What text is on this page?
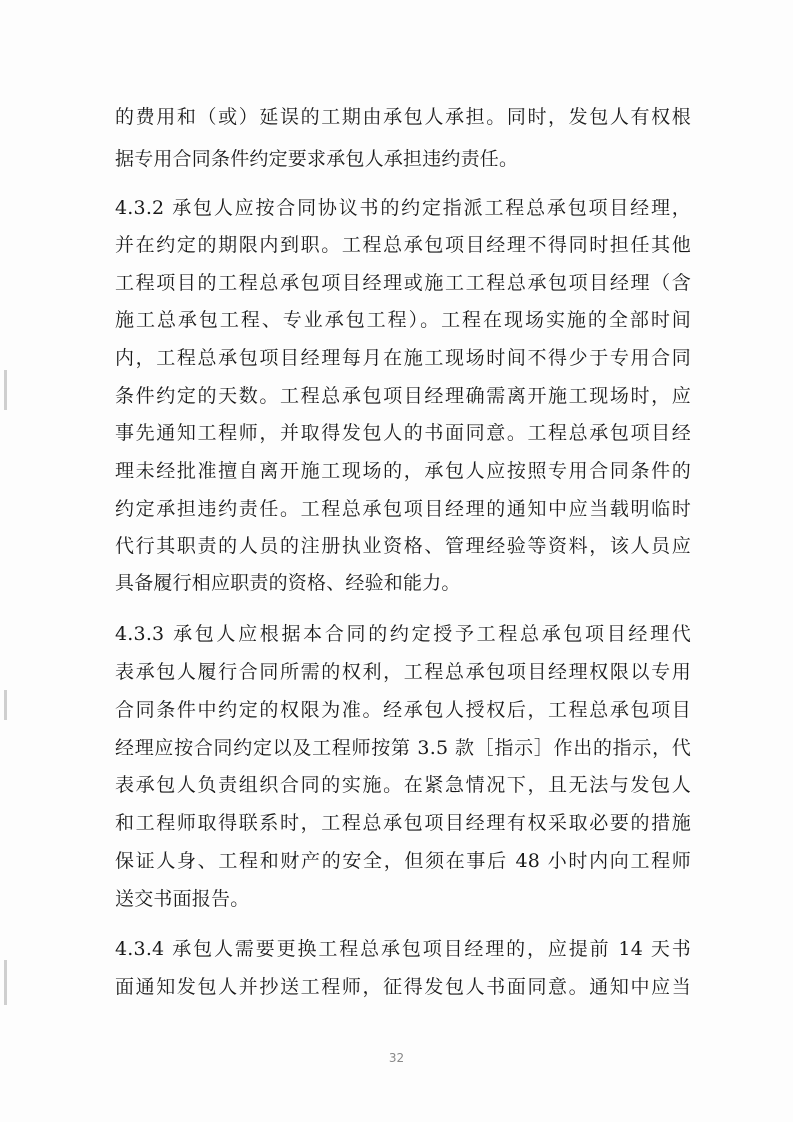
的费用和（或）延误的工期由承包人承担。同时，发包人有权根
据专用合同条件约定要求承包人承担违约责任。
4.3.2 承包人应按合同协议书的约定指派工程总承包项目经理，
并在约定的期限内到职。工程总承包项目经理不得同时担任其他
工程项目的工程总承包项目经理或施工工程总承包项目经理（含
施工总承包工程、专业承包工程）。工程在现场实施的全部时间
内，工程总承包项目经理每月在施工现场时间不得少于专用合同
条件约定的天数。工程总承包项目经理确需离开施工现场时，应
事先通知工程师，并取得发包人的书面同意。工程总承包项目经
理未经批准擅自离开施工现场的，承包人应按照专用合同条件的
约定承担违约责任。工程总承包项目经理的通知中应当载明临时
代行其职责的人员的注册执业资格、管理经验等资料，该人员应
具备履行相应职责的资格、经验和能力。
4.3.3 承包人应根据本合同的约定授予工程总承包项目经理代
表承包人履行合同所需的权利，工程总承包项目经理权限以专用
合同条件中约定的权限为准。经承包人授权后，工程总承包项目
经理应按合同约定以及工程师按第 3.5 款［指示］作出的指示，代
表承包人负责组织合同的实施。在紧急情况下，且无法与发包人
和工程师取得联系时，工程总承包项目经理有权采取必要的措施
保证人身、工程和财产的安全，但须在事后 48 小时内向工程师
送交书面报告。
4.3.4 承包人需要更换工程总承包项目经理的，应提前 14 天书
面通知发包人并抄送工程师，征得发包人书面同意。通知中应当
32
